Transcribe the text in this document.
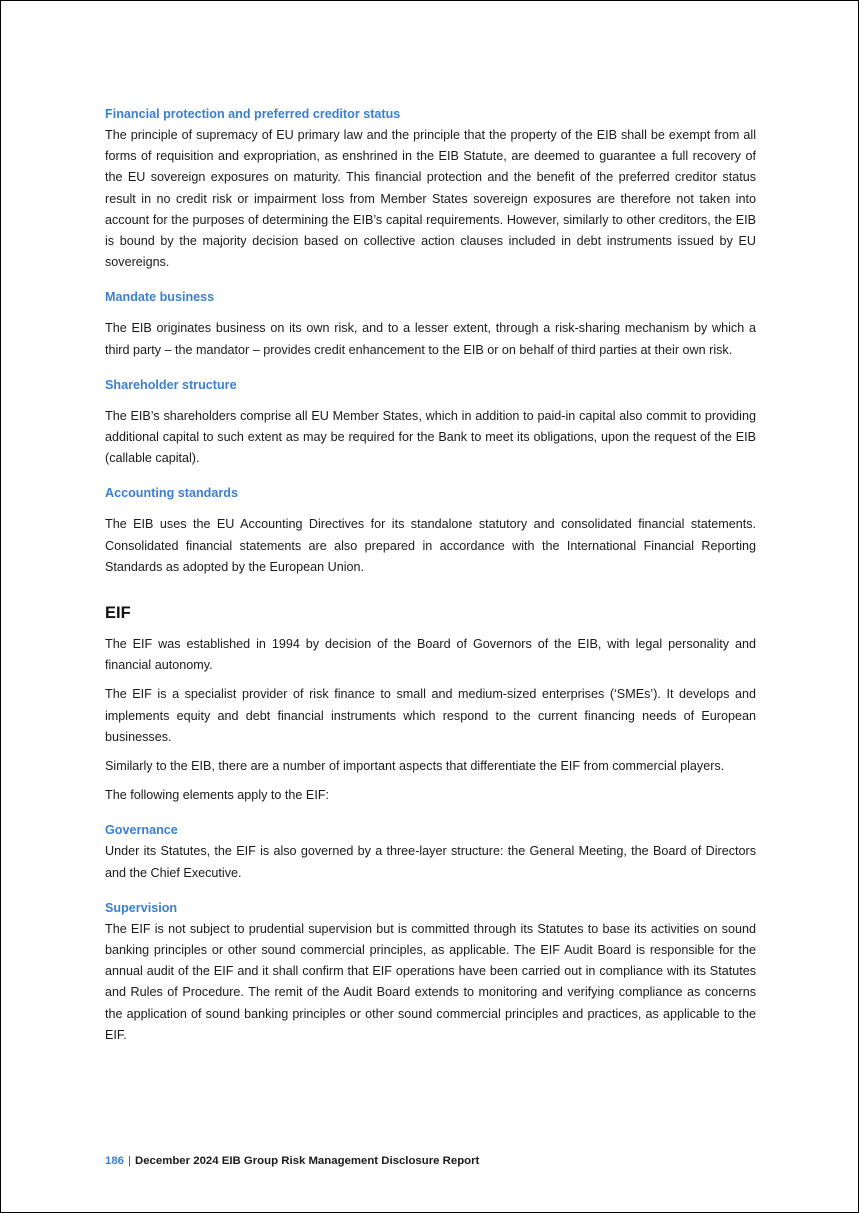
Financial protection and preferred creditor status

The principle of supremacy of EU primary law and the principle that the property of the EIB shall be exempt from all forms of requisition and expropriation, as enshrined in the EIB Statute, are deemed to guarantee a full recovery of the EU sovereign exposures on maturity. This financial protection and the benefit of the preferred creditor status result in no credit risk or impairment loss from Member States sovereign exposures are therefore not taken into account for the purposes of determining the EIB’s capital requirements. However, similarly to other creditors, the EIB is bound by the majority decision based on collective action clauses included in debt instruments issued by EU sovereigns.

Mandate business

The EIB originates business on its own risk, and to a lesser extent, through a risk-sharing mechanism by which a third party – the mandator – provides credit enhancement to the EIB or on behalf of third parties at their own risk.

Shareholder structure

The EIB’s shareholders comprise all EU Member States, which in addition to paid-in capital also commit to providing additional capital to such extent as may be required for the Bank to meet its obligations, upon the request of the EIB (callable capital).

Accounting standards

The EIB uses the EU Accounting Directives for its standalone statutory and consolidated financial statements. Consolidated financial statements are also prepared in accordance with the International Financial Reporting Standards as adopted by the European Union.

EIF

The EIF was established in 1994 by decision of the Board of Governors of the EIB, with legal personality and financial autonomy.

The EIF is a specialist provider of risk finance to small and medium-sized enterprises (‘SMEs’). It develops and implements equity and debt financial instruments which respond to the current financing needs of European businesses.

Similarly to the EIB, there are a number of important aspects that differentiate the EIF from commercial players.

The following elements apply to the EIF:

Governance

Under its Statutes, the EIF is also governed by a three-layer structure: the General Meeting, the Board of Directors and the Chief Executive.

Supervision

The EIF is not subject to prudential supervision but is committed through its Statutes to base its activities on sound banking principles or other sound commercial principles, as applicable. The EIF Audit Board is responsible for the annual audit of the EIF and it shall confirm that EIF operations have been carried out in compliance with its Statutes and Rules of Procedure. The remit of the Audit Board extends to monitoring and verifying compliance as concerns the application of sound banking principles or other sound commercial principles and practices, as applicable to the EIF.

186 | December 2024 EIB Group Risk Management Disclosure Report
